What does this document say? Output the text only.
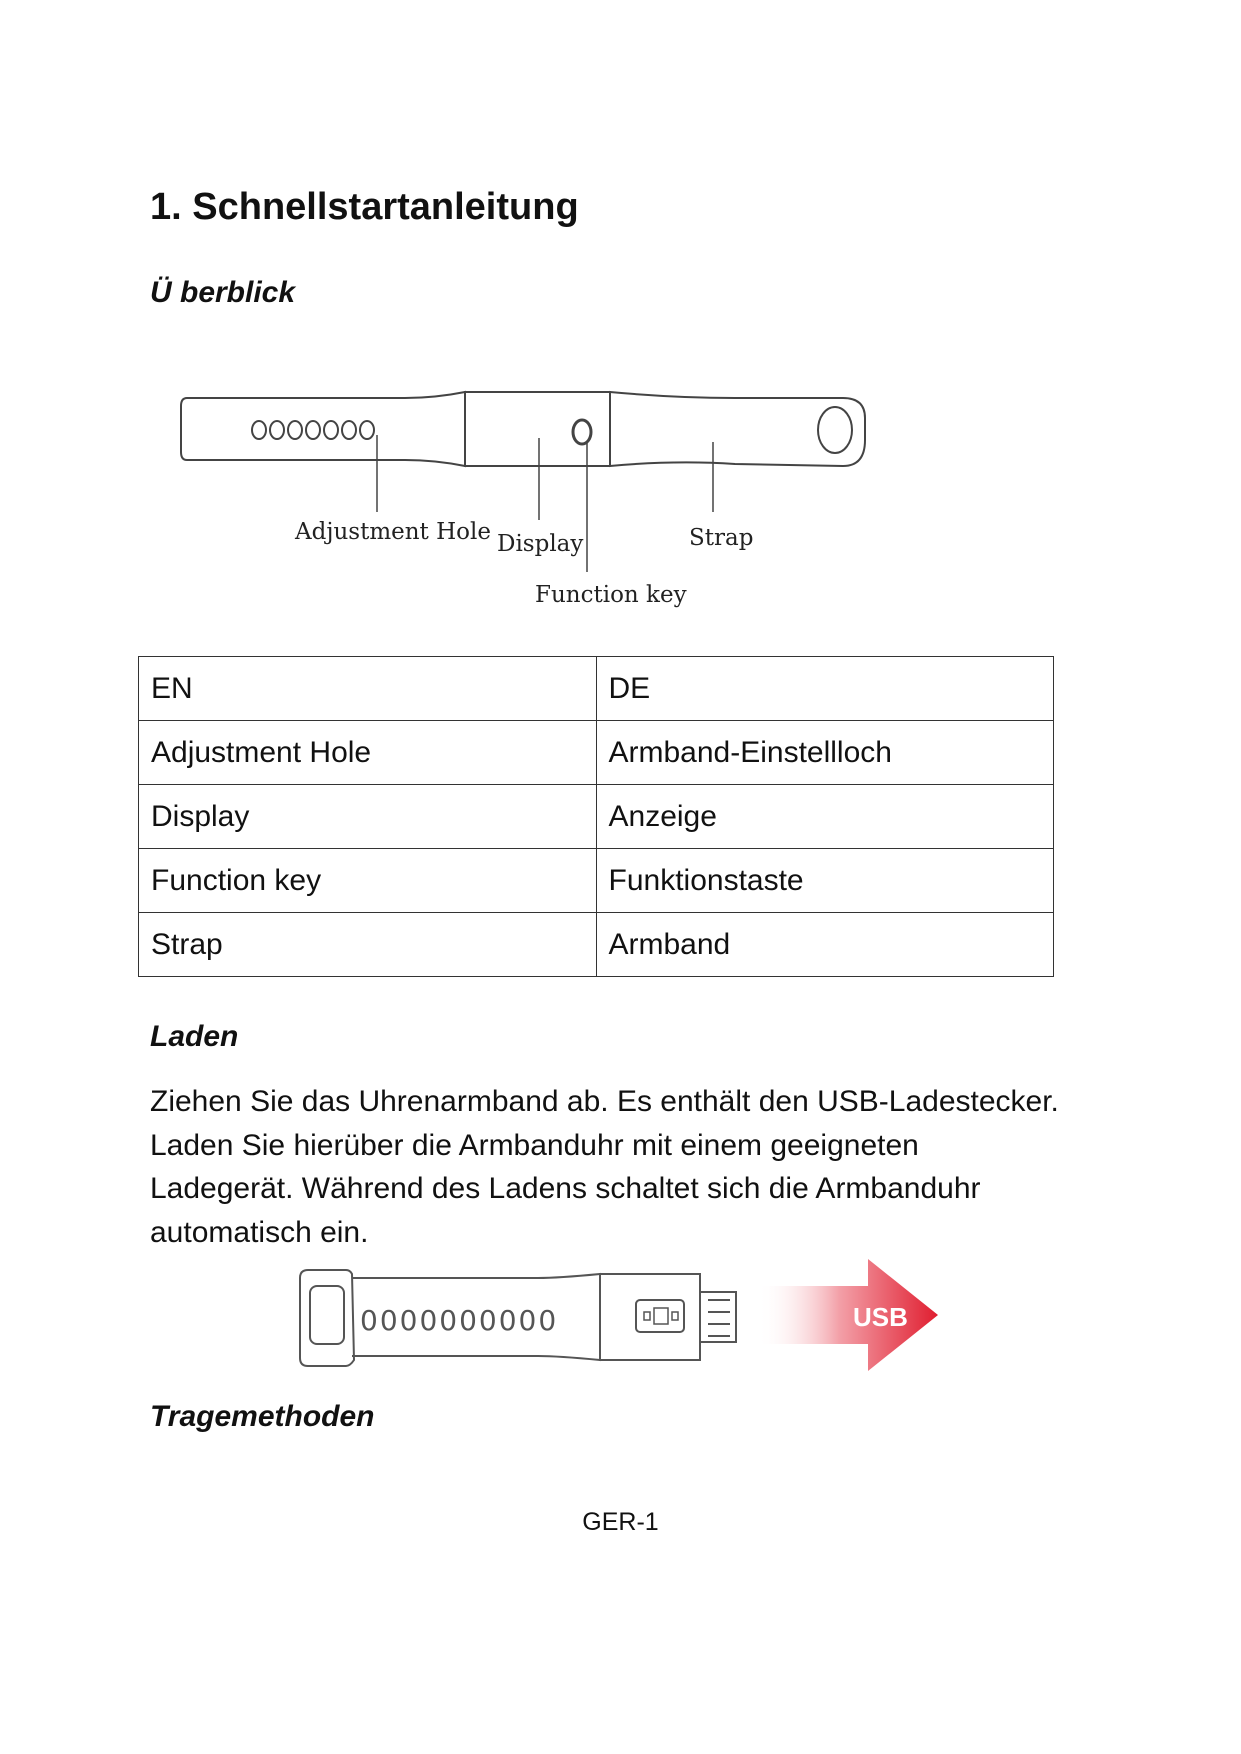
1. Schnellstartanleitung
Ü berblick
Adjustment Hole Display
Function key
Strap
EN	DE
Adjustment Hole	Armband-Einstellloch
Display	Anzeige
Function key	Funktionstaste
Strap	Armband
Laden
Ziehen Sie das Uhrenarmband ab. Es enthält den USB-Ladestecker.
Laden Sie hierüber die Armbanduhr mit einem geeigneten
Ladegerät. Während des Ladens schaltet sich die Armbanduhr
automatisch ein.
0000000000	USB
Tragemethoden
GER-1
